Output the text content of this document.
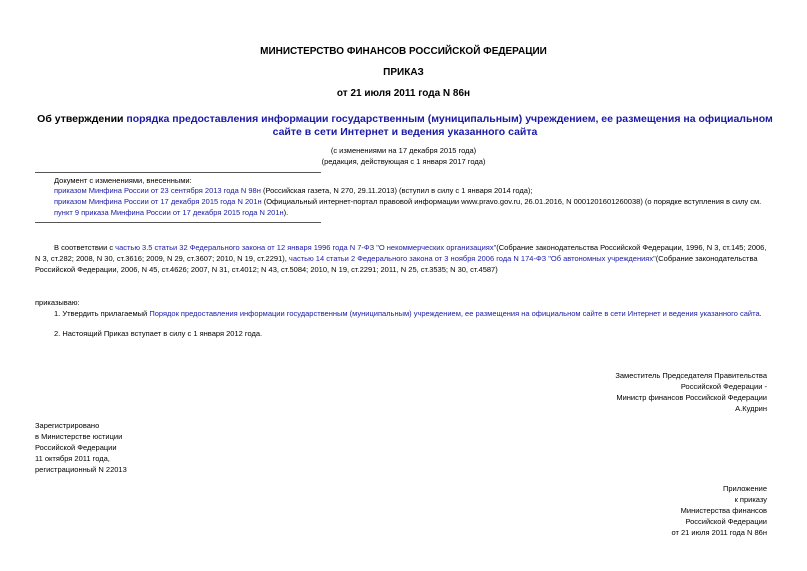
МИНИСТЕРСТВО ФИНАНСОВ РОССИЙСКОЙ ФЕДЕРАЦИИ
ПРИКАЗ
от 21 июля 2011 года N 86н
Об утверждении порядка предоставления информации государственным (муниципальным) учреждением, ее размещения на официальном сайте в сети Интернет и ведения указанного сайта
(с изменениями на 17 декабря 2015 года)
(редакция, действующая с 1 января 2017 года)
Документ с изменениями, внесенными:
приказом Минфина России от 23 сентября 2013 года N 98н (Российская газета, N 270, 29.11.2013) (вступил в силу с 1 января 2014 года);
приказом Минфина России от 17 декабря 2015 года N 201н (Официальный интернет-портал правовой информации www.pravo.gov.ru, 26.01.2016, N 0001201601260038) (о порядке вступления в силу см. пункт 9 приказа Минфина России от 17 декабря 2015 года N 201н).
В соответствии с частью 3.5 статьи 32 Федерального закона от 12 января 1996 года N 7-ФЗ "О некоммерческих организациях"(Собрание законодательства Российской Федерации, 1996, N 3, ст.145; 2006, N 3, ст.282; 2008, N 30, ст.3616; 2009, N 29, ст.3607; 2010, N 19, ст.2291), частью 14 статьи 2 Федерального закона от 3 ноября 2006 года N 174-ФЗ "Об автономных учреждениях"(Собрание законодательства Российской Федерации, 2006, N 45, ст.4626; 2007, N 31, ст.4012; N 43, ст.5084; 2010, N 19, ст.2291; 2011, N 25, ст.3535; N 30, ст.4587)
приказываю:
1. Утвердить прилагаемый Порядок предоставления информации государственным (муниципальным) учреждением, ее размещения на официальном сайте в сети Интернет и ведения указанного сайта.
2. Настоящий Приказ вступает в силу с 1 января 2012 года.
Заместитель Председателя Правительства
Российской Федерации -
Министр финансов Российской Федерации
А.Кудрин
Зарегистрировано
в Министерстве юстиции
Российской Федерации
11 октября 2011 года,
регистрационный N 22013
Приложение
к приказу
Министерства финансов
Российской Федерации
от 21 июля 2011 года N 86н
